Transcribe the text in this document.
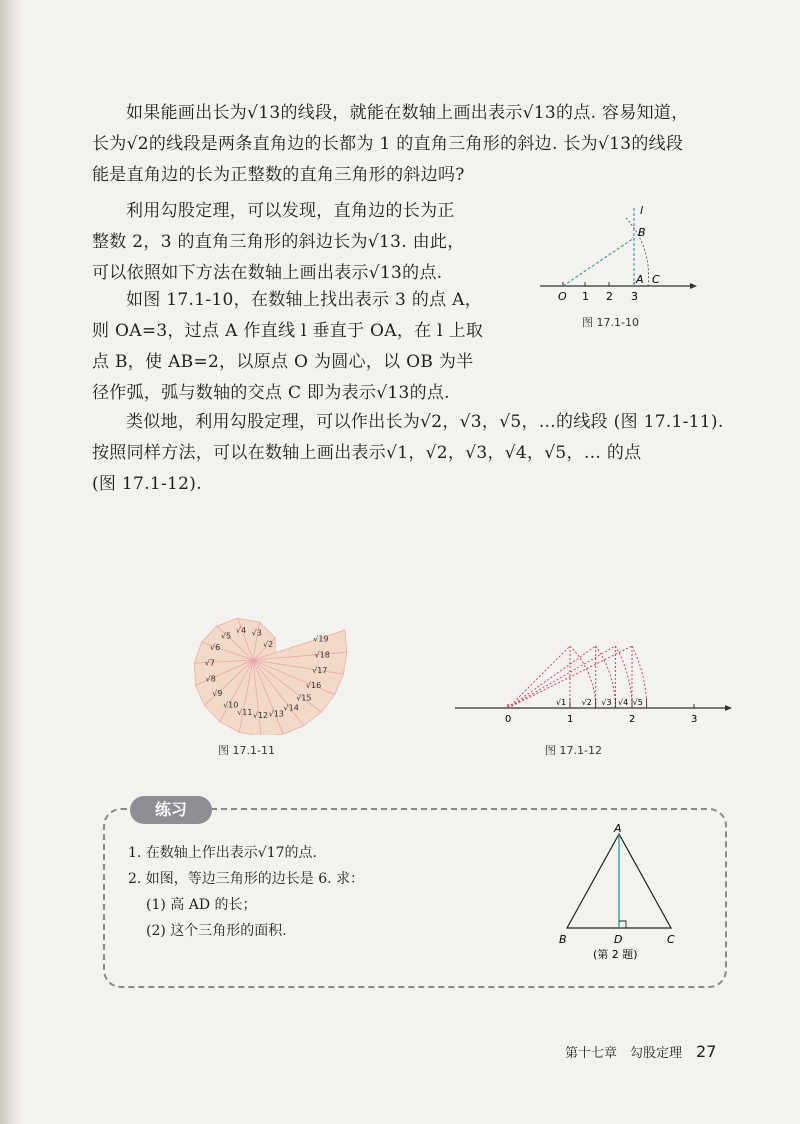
如果能画出长为√13的线段，就能在数轴上画出表示√13的点. 容易知道，
长为√2的线段是两条直角边的长都为 1 的直角三角形的斜边. 长为√13的线段
能是直角边的长为正整数的直角三角形的斜边吗?

利用勾股定理，可以发现，直角边的长为正
整数 2，3 的直角三角形的斜边长为√13. 由此，
可以依照如下方法在数轴上画出表示√13的点.

如图 17.1-10，在数轴上找出表示 3 的点 A，
则 OA=3，过点 A 作直线 l 垂直于 OA，在 l 上取
点 B，使 AB=2，以原点 O 为圆心，以 OB 为半
径作弧，弧与数轴的交点 C 即为表示√13的点.

l
B
A C
O 1 2 3
图 17.1-10

类似地，利用勾股定理，可以作出长为√2，√3，√5，…的线段 (图 17.1-11).
按照同样方法，可以在数轴上画出表示√1，√2，√3，√4，√5，… 的点
(图 17.1-12).

√2
√3
√4
√5
√6
√7
√8
√9
√10
√11 √12 √13
√14
√15
√16
√17
√18
√19
图 17.1-11
0	1	2	3
√1 √2 √3 √4 √5
图 17.1-12
练习

1. 在数轴上作出表示√17的点.
2. 如图，等边三角形的边长是 6. 求：
(1) 高 AD 的长；
(2) 这个三角形的面积.

A
B	C
D
(第 2 题)
第十七章　勾股定理 27
